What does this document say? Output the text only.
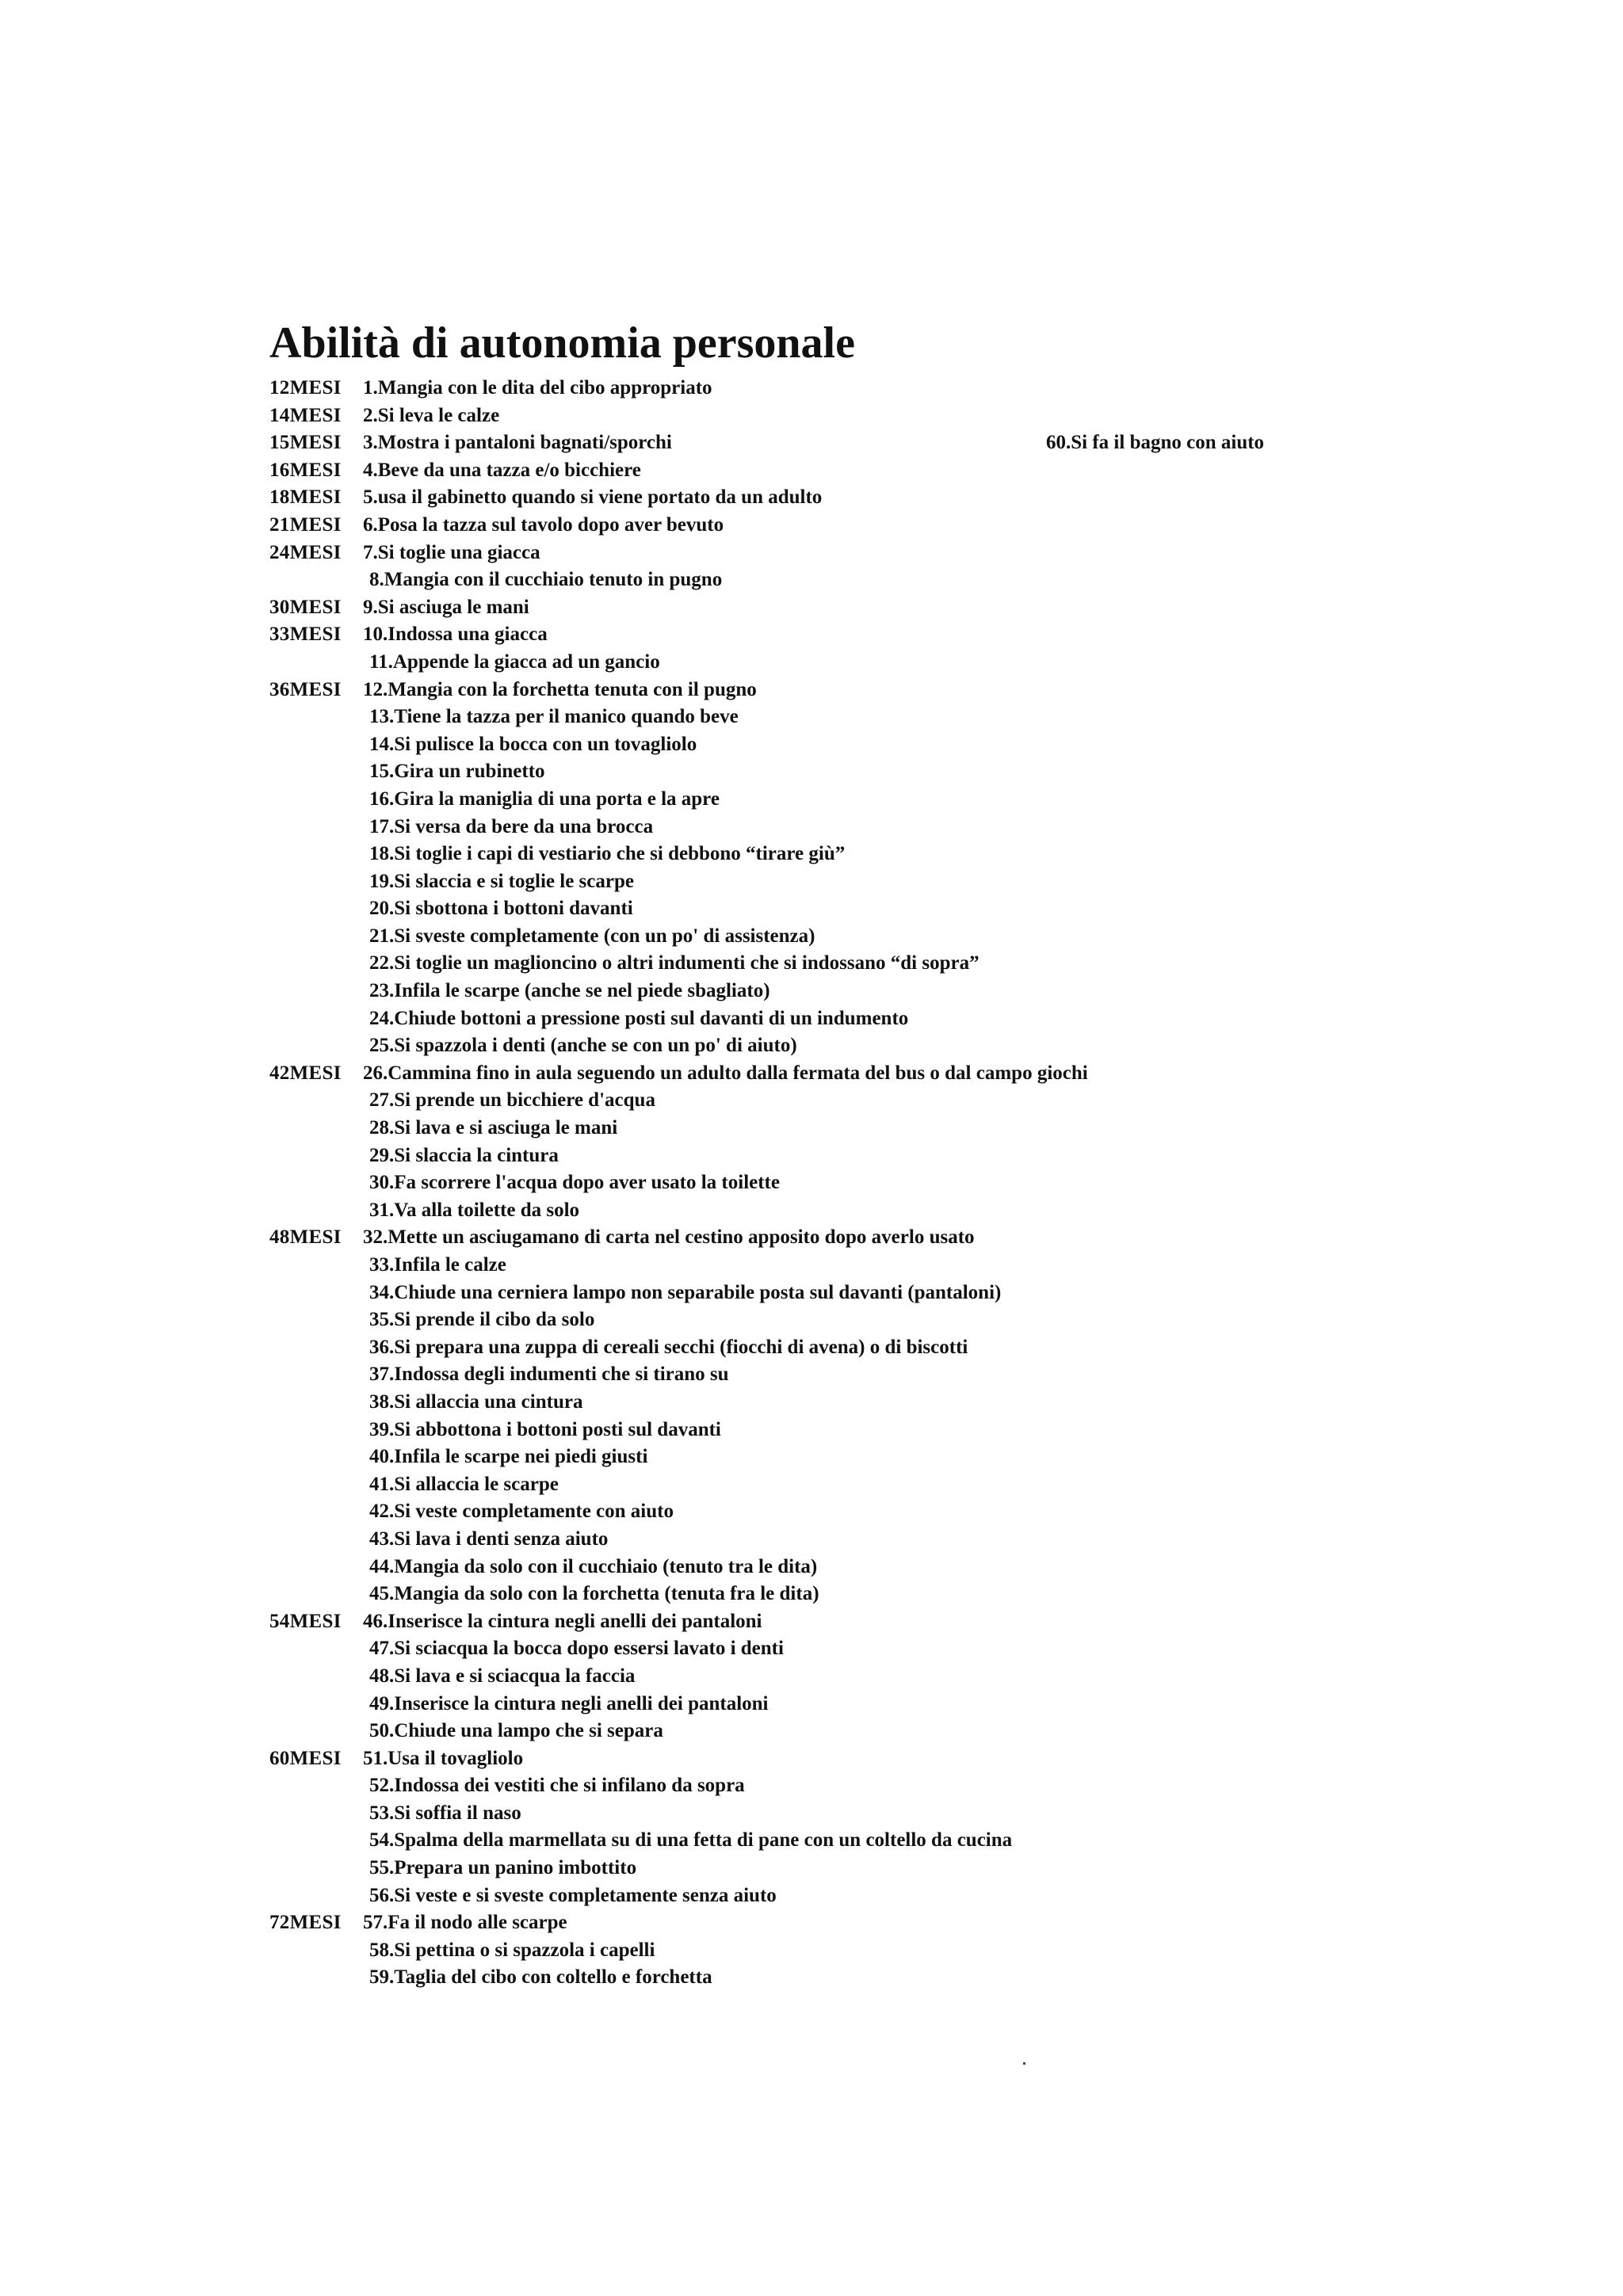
Abilità di autonomia personale
12MESI	1.Mangia con le dita del cibo appropriato
14MESI	2.Si leva le calze
15MESI	3.Mostra i pantaloni bagnati/sporchi
16MESI	4.Beve da una tazza e/o bicchiere
18MESI	5.usa il gabinetto quando si viene portato da un adulto
21MESI	6.Posa la tazza sul tavolo dopo aver bevuto
24MESI	7.Si toglie una giacca
8.Mangia con il cucchiaio tenuto in pugno
30MESI	9.Si asciuga le mani
33MESI	10.Indossa una giacca
11.Appende la giacca ad un gancio
36MESI	12.Mangia con la forchetta tenuta con il pugno
13.Tiene la tazza per il manico quando beve
14.Si pulisce la bocca con un tovagliolo
15.Gira un rubinetto
16.Gira la maniglia di una porta e la apre
17.Si versa da bere da una brocca
18.Si toglie i capi di vestiario che si debbono “tirare giù”
19.Si slaccia e si toglie le scarpe
20.Si sbottona i bottoni davanti
21.Si sveste completamente (con un po' di assistenza)
22.Si toglie un maglioncino o altri indumenti che si indossano “di sopra”
23.Infila le scarpe (anche se nel piede sbagliato)
24.Chiude bottoni a pressione posti sul davanti di un indumento
25.Si spazzola i denti (anche se con un po' di aiuto)
42MESI	26.Cammina fino in aula seguendo un adulto dalla fermata del bus o dal campo giochi
27.Si prende un bicchiere d'acqua
28.Si lava e si asciuga le mani
29.Si slaccia la cintura
30.Fa scorrere l'acqua dopo aver usato la toilette
31.Va alla toilette da solo
48MESI	32.Mette un asciugamano di carta nel cestino apposito dopo averlo usato
33.Infila le calze
34.Chiude una cerniera lampo non separabile posta sul davanti (pantaloni)
35.Si prende il cibo da solo
36.Si prepara una zuppa di cereali secchi (fiocchi di avena) o di biscotti
37.Indossa degli indumenti che si tirano su
38.Si allaccia una cintura
39.Si abbottona i bottoni posti sul davanti
40.Infila le scarpe nei piedi giusti
41.Si allaccia le scarpe
42.Si veste completamente con aiuto
43.Si lava i denti senza aiuto
44.Mangia da solo con il cucchiaio (tenuto tra le dita)
45.Mangia da solo con la forchetta (tenuta fra le dita)
54MESI	46.Inserisce la cintura negli anelli dei pantaloni
47.Si sciacqua la bocca dopo essersi lavato i denti
48.Si lava e si sciacqua la faccia
49.Inserisce la cintura negli anelli dei pantaloni
50.Chiude una lampo che si separa
60MESI	51.Usa il tovagliolo
52.Indossa dei vestiti che si infilano da sopra
53.Si soffia il naso
54.Spalma della marmellata su di una fetta di pane con un coltello da cucina
55.Prepara un panino imbottito
56.Si veste e si sveste completamente senza aiuto
72MESI	57.Fa il nodo alle scarpe
58.Si pettina o si spazzola i capelli
59.Taglia del cibo con coltello e forchetta
60.Si fa il bagno con aiuto
